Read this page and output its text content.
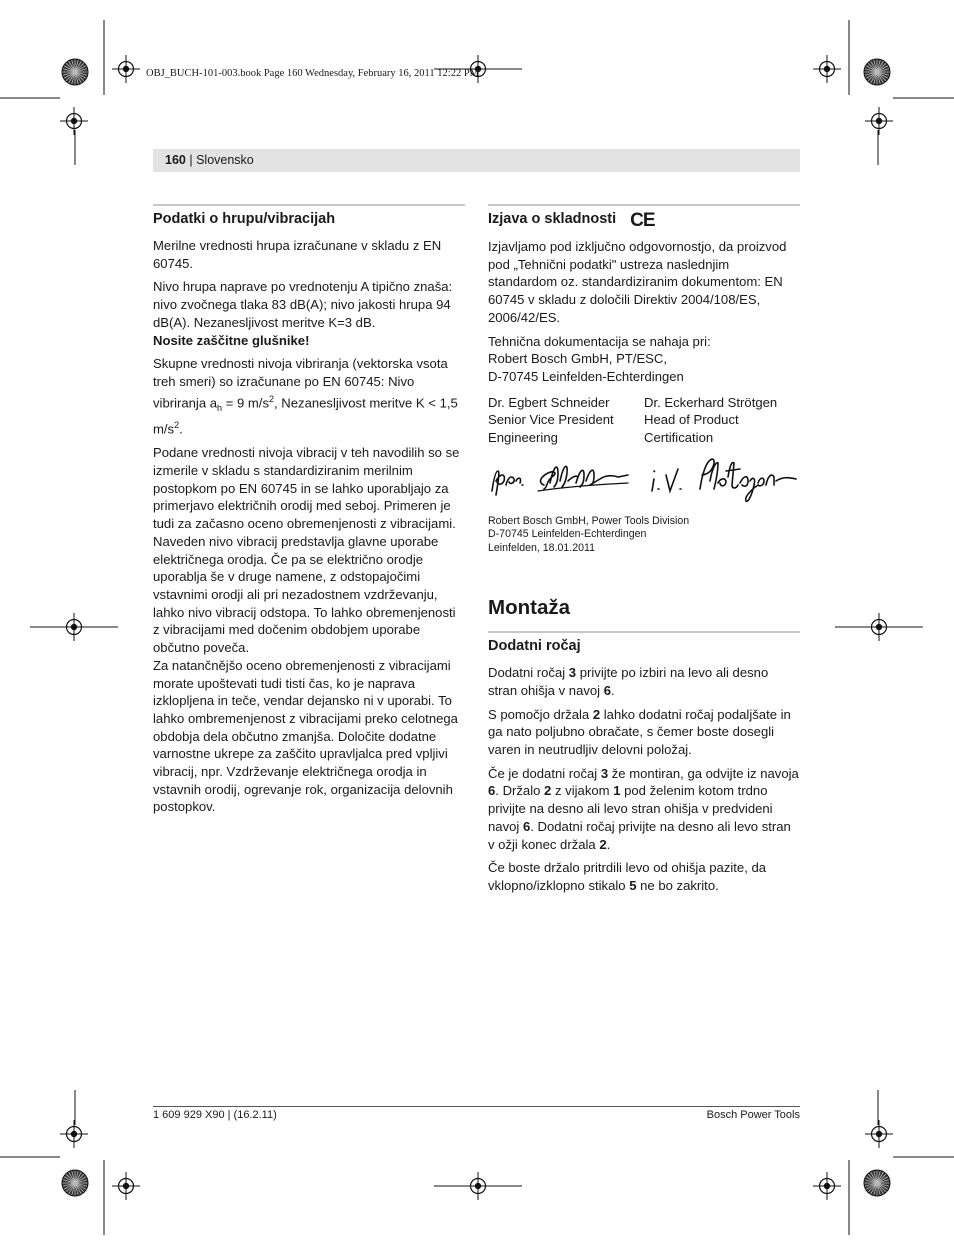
OBJ_BUCH-101-003.book Page 160 Wednesday, February 16, 2011 12:22 PM
160 | Slovensko
Podatki o hrupu/vibracijah

Merilne vrednosti hrupa izračunane v skladu z EN 60745.

Nivo hrupa naprave po vrednotenju A tipično znaša: nivo zvočnega tlaka 83 dB(A); nivo jakosti hrupa 94 dB(A). Nezanesljivost meritve K=3 dB.
Nosite zaščitne glušnike!

Skupne vrednosti nivoja vibriranja (vektorska vsota treh smeri) so izračunane po EN 60745: Nivo vibriranja $a_h = 9$ $m/s^2$, Nezanesljivost meritve K < 1,5 $m/s^2$.

Podane vrednosti nivoja vibracij v teh navodilih so se izmerile v skladu s standardiziranim merilnim postopkom po EN 60745 in se lahko uporabljajo za primerjavo električnih orodij med seboj. Primeren je tudi za začasno oceno obremenjenosti z vibracijami.
Naveden nivo vibracij predstavlja glavne uporabe električnega orodja. Če pa se električno orodje uporablja še v druge namene, z odstopajočimi vstavnimi orodji ali pri nezadostnem vzdrževanju, lahko nivo vibracij odstopa. To lahko obremenjenosti z vibracijami med dočenim obdobjem uporabe občutno poveča.
Za natančnějšo oceno obremenjenosti z vibracijami morate upoštevati tudi tisti čas, ko je naprava izklopljena in teče, vendar dejansko ni v uporabi. To lahko ombremenjenost z vibracijami preko celotnega obdobja dela občutno zmanjša. Določite dodatne varnostne ukrepe za zaščito upravljalca pred vpljivi vibracij, npr. Vzdrževanje električnega orodja in vstavnih orodij, ogrevanje rok, organizacija delovnih postopkov.

Izjava o skladnosti CE

Izjavljamo pod izključno odgovornostjo, da proizvod pod „Tehnični podatki" ustreza naslednjim standardom oz. standardiziranim dokumentom: EN 60745 v skladu z določili Direktiv 2004/108/ES, 2006/42/ES.

Tehnična dokumentacija se nahaja pri:
Robert Bosch GmbH, PT/ESC,
D-70745 Leinfelden-Echterdingen

Dr. Egbert Schneider
Senior Vice President
Engineering
Dr. Eckerhard Strötgen
Head of Product
Certification
Robert Bosch GmbH, Power Tools Division
D-70745 Leinfelden-Echterdingen
Leinfelden, 18.01.2011
Montaža
Dodatni ročaj

Dodatni ročaj 3 privijte po izbiri na levo ali desno stran ohišja v navoj 6.

S pomočjo držala 2 lahko dodatni ročaj podaljšate in ga nato poljubno obračate, s čemer boste dosegli varen in neutrudljiv delovni položaj.

Če je dodatni ročaj 3 že montiran, ga odvijte iz navoja 6. Držalo 2 z vijakom 1 pod želenim kotom trdno privijte na desno ali levo stran ohišja v predvideni navoj 6. Dodatni ročaj privijte na desno ali levo stran v ožji konec držala 2.

Če boste držalo pritrdili levo od ohišja pazite, da vklopno/izklopno stikalo 5 ne bo zakrito.

1 609 929 X90 | (16.2.11)	Bosch Power Tools
